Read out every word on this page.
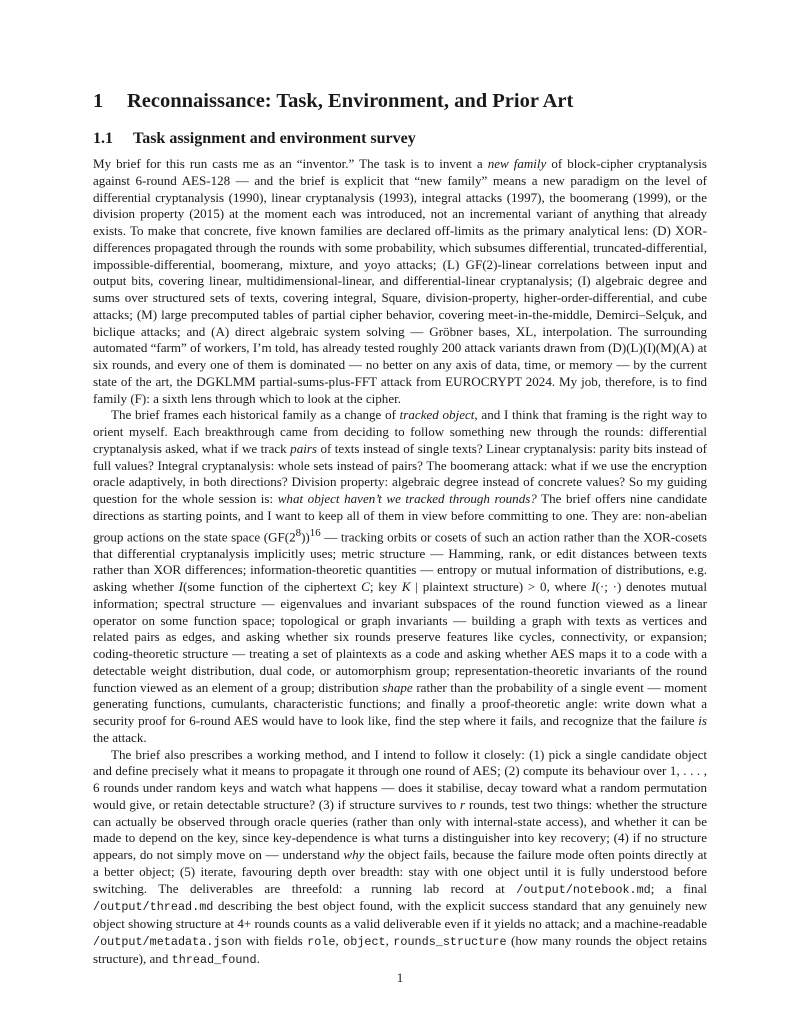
1 Reconnaissance: Task, Environment, and Prior Art
1.1 Task assignment and environment survey

My brief for this run casts me as an “inventor.” The task is to invent a new family of block-cipher cryptanalysis against 6-round AES-128 — and the brief is explicit that “new family” means a new paradigm on the level of differential cryptanalysis (1990), linear cryptanalysis (1993), integral attacks (1997), the boomerang (1999), or the division property (2015) at the moment each was introduced, not an incremental variant of anything that already exists. To make that concrete, five known families are declared off-limits as the primary analytical lens: (D) XOR-differences propagated through the rounds with some probability, which subsumes differential, truncated-differential, impossible-differential, boomerang, mixture, and yoyo attacks; (L) GF(2)-linear correlations between input and output bits, covering linear, multidimensional-linear, and differential-linear cryptanalysis; (I) algebraic degree and sums over structured sets of texts, covering integral, Square, division-property, higher-order-differential, and cube attacks; (M) large precomputed tables of partial cipher behavior, covering meet-in-the-middle, Demirci–Selçuk, and biclique attacks; and (A) direct algebraic system solving — Gröbner bases, XL, interpolation. The surrounding automated “farm” of workers, I’m told, has already tested roughly 200 attack variants drawn from (D)(L)(I)(M)(A) at six rounds, and every one of them is dominated — no better on any axis of data, time, or memory — by the current state of the art, the DGKLMM partial-sums-plus-FFT attack from EUROCRYPT 2024. My job, therefore, is to find family (F): a sixth lens through which to look at the cipher.

The brief frames each historical family as a change of tracked object, and I think that framing is the right way to orient myself. Each breakthrough came from deciding to follow something new through the rounds: differential cryptanalysis asked, what if we track pairs of texts instead of single texts? Linear cryptanalysis: parity bits instead of full values? Integral cryptanalysis: whole sets instead of pairs? The boomerang attack: what if we use the encryption oracle adaptively, in both directions? Division property: algebraic degree instead of concrete values? So my guiding question for the whole session is: what object haven’t we tracked through rounds? The brief offers nine candidate directions as starting points, and I want to keep all of them in view before committing to one. They are: non-abelian group actions on the state space $(GF(2^8))^{16}$ — tracking orbits or cosets of such an action rather than the XOR-cosets that differential cryptanalysis implicitly uses; metric structure — Hamming, rank, or edit distances between texts rather than XOR differences; information-theoretic quantities — entropy or mutual information of distributions, e.g. asking whether I(some function of the ciphertext C; key K | plaintext structure) > 0, where I(·; ·) denotes mutual information; spectral structure — eigenvalues and invariant subspaces of the round function viewed as a linear operator on some function space; topological or graph invariants — building a graph with texts as vertices and related pairs as edges, and asking whether six rounds preserve features like cycles, connectivity, or expansion; coding-theoretic structure — treating a set of plaintexts as a code and asking whether AES maps it to a code with a detectable weight distribution, dual code, or automorphism group; representation-theoretic invariants of the round function viewed as an element of a group; distribution shape rather than the probability of a single event — moment generating functions, cumulants, characteristic functions; and finally a proof-theoretic angle: write down what a security proof for 6-round AES would have to look like, find the step where it fails, and recognize that the failure is the attack.

The brief also prescribes a working method, and I intend to follow it closely: (1) pick a single candidate object and define precisely what it means to propagate it through one round of AES; (2) compute its behaviour over 1, . . . , 6 rounds under random keys and watch what happens — does it stabilise, decay toward what a random permutation would give, or retain detectable structure? (3) if structure survives to r rounds, test two things: whether the structure can actually be observed through oracle queries (rather than only with internal-state access), and whether it can be made to depend on the key, since key-dependence is what turns a distinguisher into key recovery; (4) if no structure appears, do not simply move on — understand why the object fails, because the failure mode often points directly at a better object; (5) iterate, favouring depth over breadth: stay with one object until it is fully understood before switching. The deliverables are threefold: a running lab record at /output/notebook.md; a final /output/thread.md describing the best object found, with the explicit success standard that any genuinely new object showing structure at 4+ rounds counts as a valid deliverable even if it yields no attack; and a machine-readable /output/metadata.json with fields role, object, rounds_structure (how many rounds the object retains structure), and thread_found.

1
